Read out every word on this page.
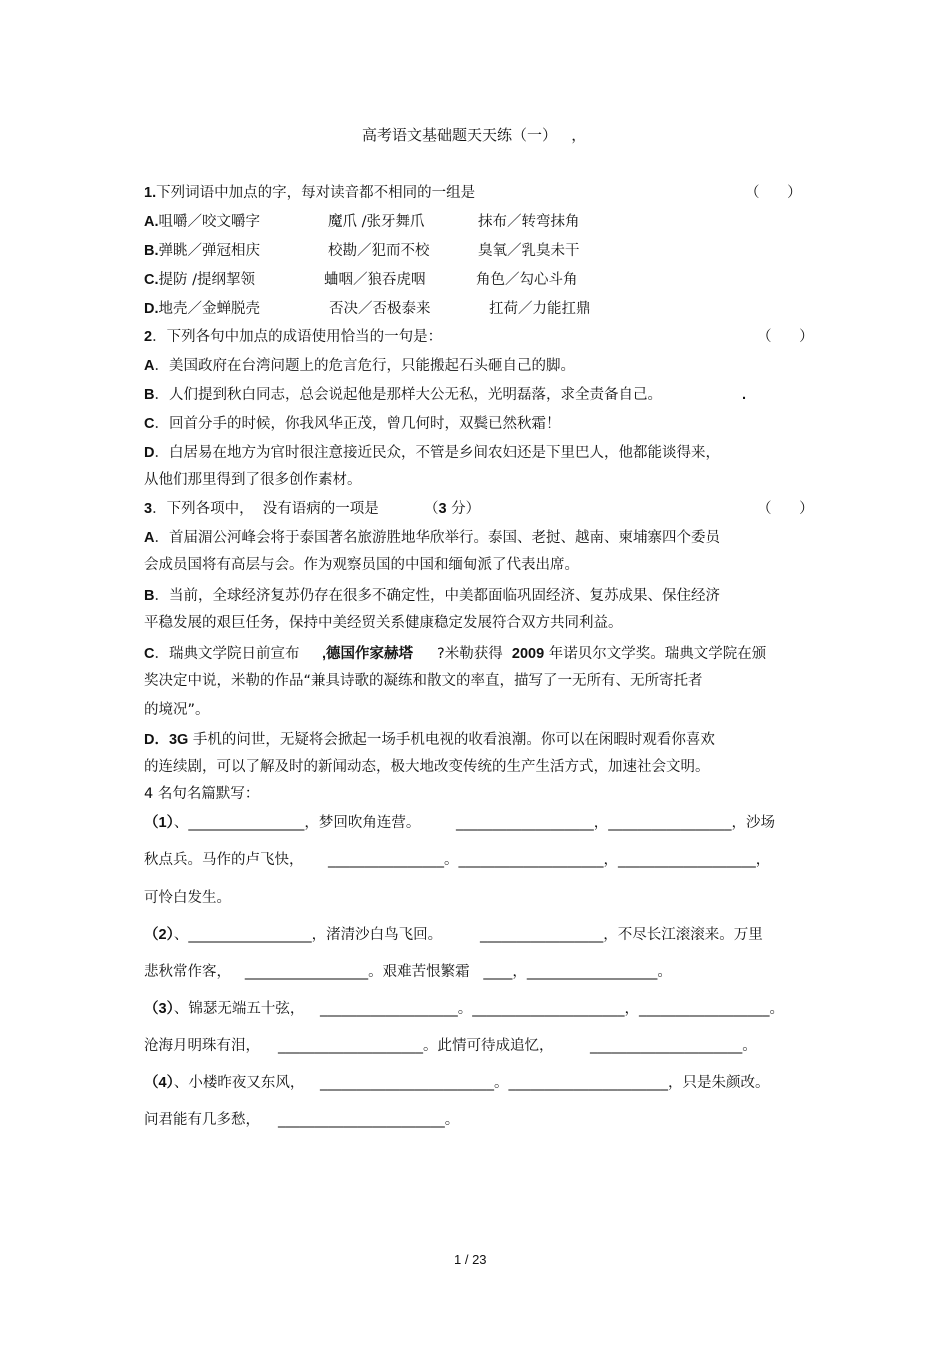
高考语文基础题天天练（一）   ，
1.下列词语中加点的字，每对读音都不相同的一组是	（      ）
A.咀嚼／咬文嚼字	魔爪 /张牙舞爪	抹布／转弯抹角
B.弹眺／弹冠相庆	校勘／犯而不校	臭氧／乳臭未干
C.提防 /提纲挈领	蛐咽／狼吞虎咽	角色／勾心斗角
D.地壳／金蝉脱壳	否决／否极泰来	扛荷／力能扛鼎
2．下列各句中加点的成语使用恰当的一句是：	（      ）
A．美国政府在台湾问题上的危言危行，只能搬起石头砸自己的脚。
B．人们提到秋白同志，总会说起他是那样大公无私，光明磊落，求全责备自己。	.
C．回首分手的时候，你我风华正茂，曾几何时，双鬓已然秋霜！
D．白居易在地方为官时很注意接近民众，不管是乡间农妇还是下里巴人，他都能谈得来，
从他们那里得到了很多创作素材。
3．下列各项中，  没有语病的一项是	（3 分）	（      ）
A．首届湄公河峰会将于泰国著名旅游胜地华欣举行。泰国、老挝、越南、柬埔寨四个委员
会成员国将有高层与会。作为观察员国的中国和缅甸派了代表出席。
B．当前，全球经济复苏仍存在很多不确定性，中美都面临巩固经济、复苏成果、保住经济
平稳发展的艰巨任务，保持中美经贸关系健康稳定发展符合双方共同利益。
C．瑞典文学院日前宣布 ,德国作家赫塔 ?米勒获得 2009 年诺贝尔文学奖。瑞典文学院在颁
奖决定中说，米勒的作品“兼具诗歌的凝练和散文的率直，描写了一无所有、无所寄托者
的境况”。
D．3G 手机的问世，无疑将会掀起一场手机电视的收看浪潮。你可以在闲暇时观看你喜欢
的连续剧，可以了解及时的新闻动态，极大地改变传统的生产生活方式，加速社会文明。
4 名句名篇默写：
（1）、________________，梦回吹角连营。 ___________________，_________________，沙场
秋点兵。马作的卢飞快， ________________。____________________，___________________，
可怜白发生。
（2）、_________________，渚清沙白鸟飞回。	_________________，不尽长江滚滚来。万里
悲秋常作客，   _________________。艰难苦恨繁霜   ____，__________________。
（3）、锦瑟无端五十弦， ___________________。_____________________，__________________。
沧海月明珠有泪， ____________________。此情可待成追忆，	_____________________。
（4）、小楼昨夜又东风， ________________________。______________________，只是朱颜改。
问君能有几多愁， _______________________。
1 / 23
